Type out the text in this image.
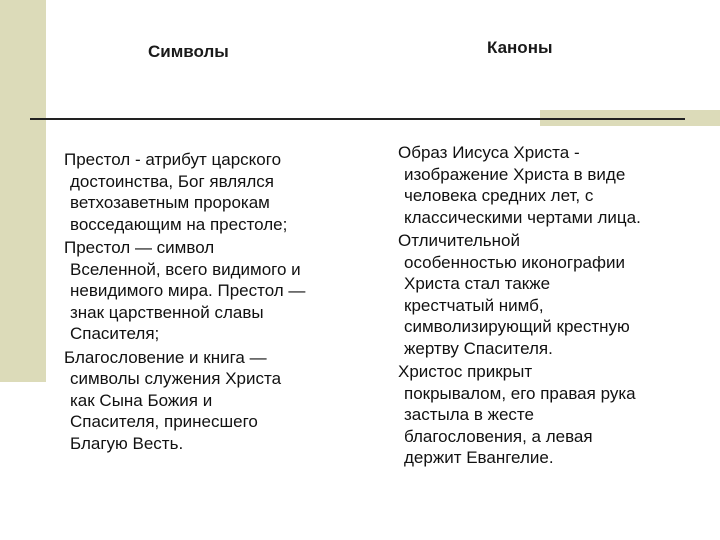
Символы	Каноны

Престол - атрибут царского
достоинства, Бог являлся
ветхозаветным пророкам
восседающим на престоле;

Престол — символ
Вселенной, всего видимого и
невидимого мира. Престол —
знак царственной славы
Спасителя;

Благословение и книга —
символы служения Христа
как Сына Божия и
Спасителя, принесшего
Благую Весть.

Образ Иисуса Христа -
изображение Христа в виде
человека средних лет, с
классическими чертами лица.

Отличительной
особенностью иконографии
Христа стал также
крестчатый нимб,
символизирующий крестную
жертву Спасителя.

Христос прикрыт
покрывалом, его правая рука
застыла в жесте
благословения, а левая
держит Евангелие.
